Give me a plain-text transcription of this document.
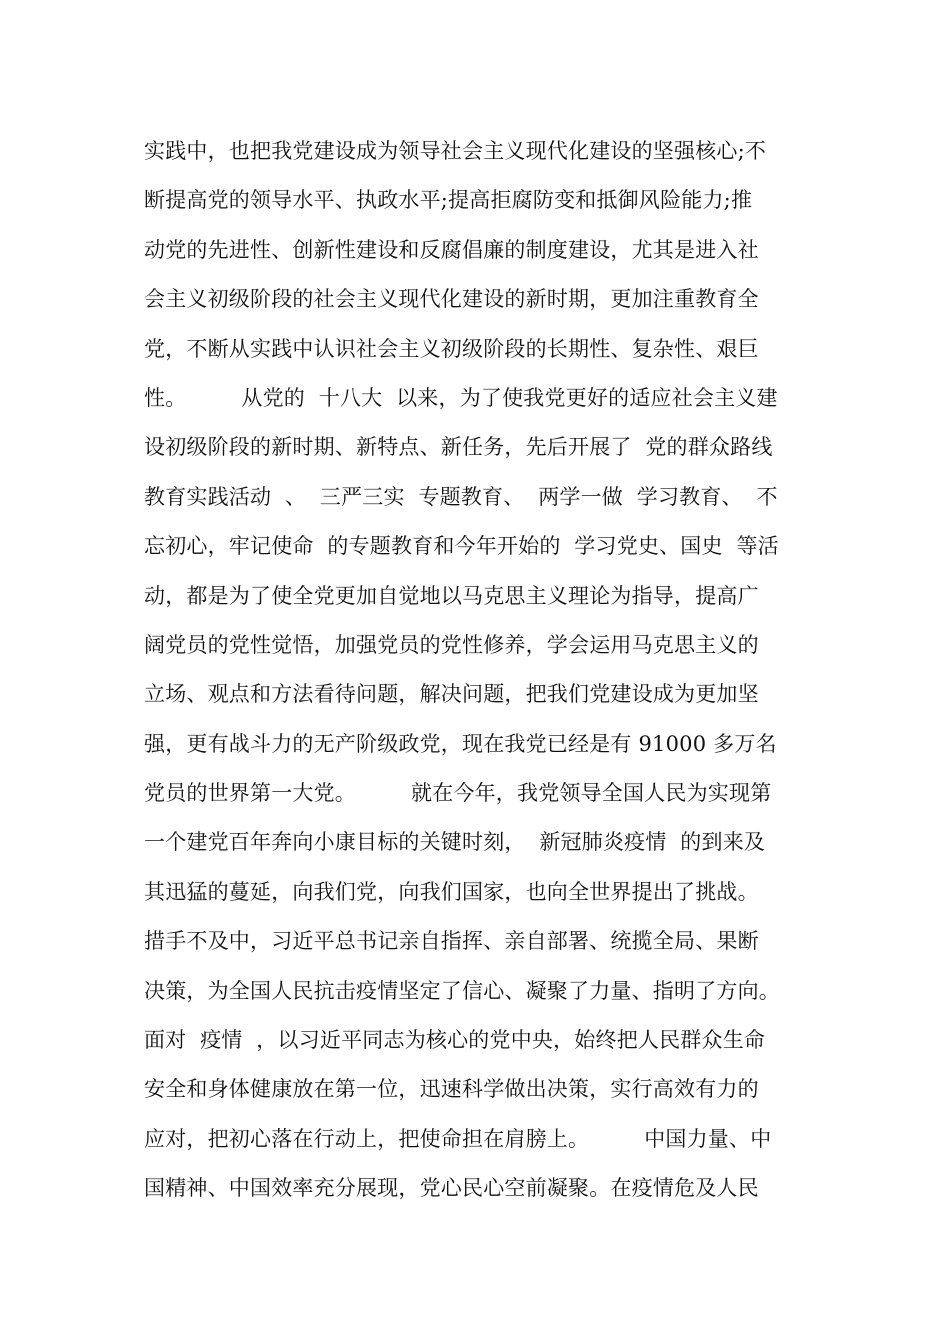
实践中，也把我党建设成为领导社会主义现代化建设的坚强核心;不
断提高党的领导水平、执政水平;提高拒腐防变和抵御风险能力;推
动党的先进性、创新性建设和反腐倡廉的制度建设，尤其是进入社
会主义初级阶段的社会主义现代化建设的新时期，更加注重教育全
党，不断从实践中认识社会主义初级阶段的长期性、复杂性、艰巨
性。        从党的  十八大  以来，为了使我党更好的适应社会主义建
设初级阶段的新时期、新特点、新任务，先后开展了  党的群众路线
教育实践活动  、  三严三实  专题教育、  两学一做  学习教育、  不
忘初心，牢记使命  的专题教育和今年开始的  学习党史、国史  等活
动，都是为了使全党更加自觉地以马克思主义理论为指导，提高广
阔党员的党性觉悟，加强党员的党性修养，学会运用马克思主义的
立场、观点和方法看待问题，解决问题，把我们党建设成为更加坚
强，更有战斗力的无产阶级政党，现在我党已经是有 91000 多万名
党员的世界第一大党。        就在今年，我党领导全国人民为实现第
一个建党百年奔向小康目标的关键时刻，  新冠肺炎疫情  的到来及
其迅猛的蔓延，向我们党，向我们国家，也向全世界提出了挑战。
措手不及中，习近平总书记亲自指挥、亲自部署、统揽全局、果断
决策，为全国人民抗击疫情坚定了信心、凝聚了力量、指明了方向。
面对  疫情  ，以习近平同志为核心的党中央，始终把人民群众生命
安全和身体健康放在第一位，迅速科学做出决策，实行高效有力的
应对，把初心落在行动上，把使命担在肩膀上。        中国力量、中
国精神、中国效率充分展现，党心民心空前凝聚。在疫情危及人民
